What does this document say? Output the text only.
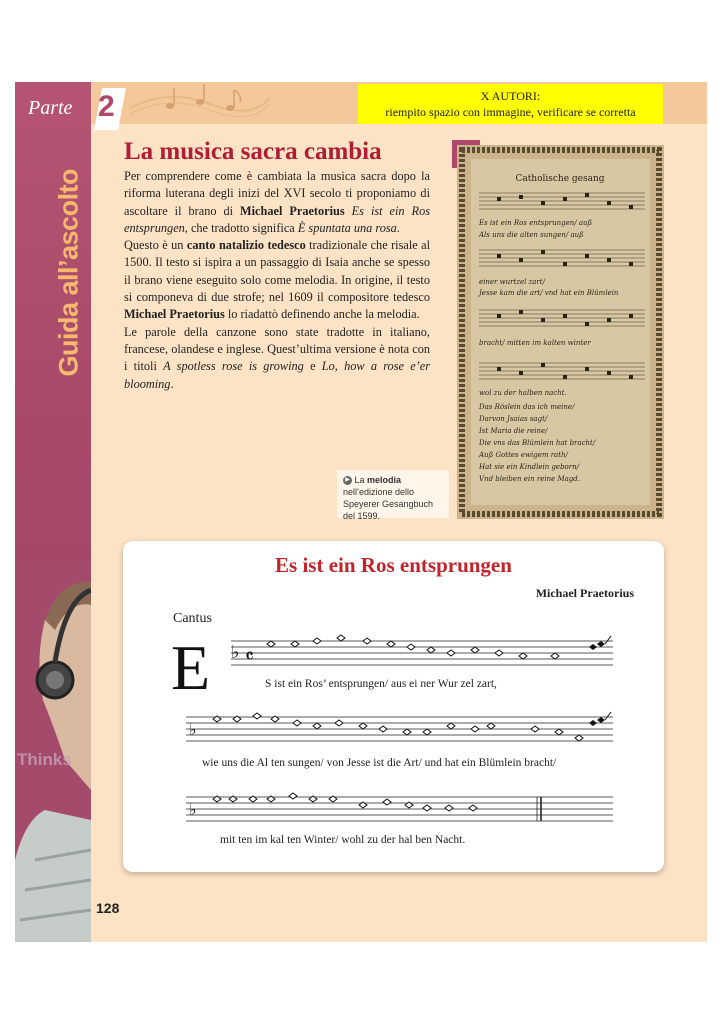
Parte 2	X AUTORI:
riempito spazio con immagine, verificare se corretta
Guida all’ascolto
Thinks
La musica sacra cambia
Per comprendere come è cambiata la musica sacra dopo la riforma luterana degli inizi del XVI secolo ti proponiamo di ascoltare il brano di Michael Praetorius Es ist ein Ros entsprungen, che tradotto significa È spuntata una rosa.
Questo è un canto natalizio tedesco tradizionale che risale al 1500. Il testo si ispira a un passaggio di Isaia anche se spesso il brano viene eseguito solo come melodia. In origine, il testo si componeva di due strofe; nel 1609 il compositore tedesco Michael Praetorius lo riadattò definendo anche la melodia.
Le parole della canzone sono state tradotte in italiano, francese, olandese e inglese. Quest’ultima versione è nota con i titoli A spotless rose is growing e Lo, how a rose e’er blooming.
Catholische gesang
Es ist ein Ros entsprungen/ auß
Als uns die alten sungen/ auß
einer wurtzel zart/
Jesse kam die art/ vnd hat ein Blümlein
bracht/ mitten im kalten winter
wol zu der halben nacht.
Das Röslein das ich meine/
Darvon Jsaias sagt/
Ist Maria die reine/
Die vns das Blümlein hat bracht/
Auß Gottes ewigem rath/
Hat sie ein Kindlein geborn/
Vnd bleiben ein reine Magd.
▶ La melodia nell’edizione dello Speyerer Gesangbuch del 1599.
Es ist ein Ros entsprungen
Michael Praetorius
Cantus
E ♭ 𝄴
♭
♭
S ist ein Ros’ entsprungen/ aus ei ner Wur zel zart,
wie uns die Al ten sungen/ von Jesse ist die Art/ und hat ein Blümlein bracht/
mit ten im kal ten Winter/ wohl zu der hal ben Nacht.
128
